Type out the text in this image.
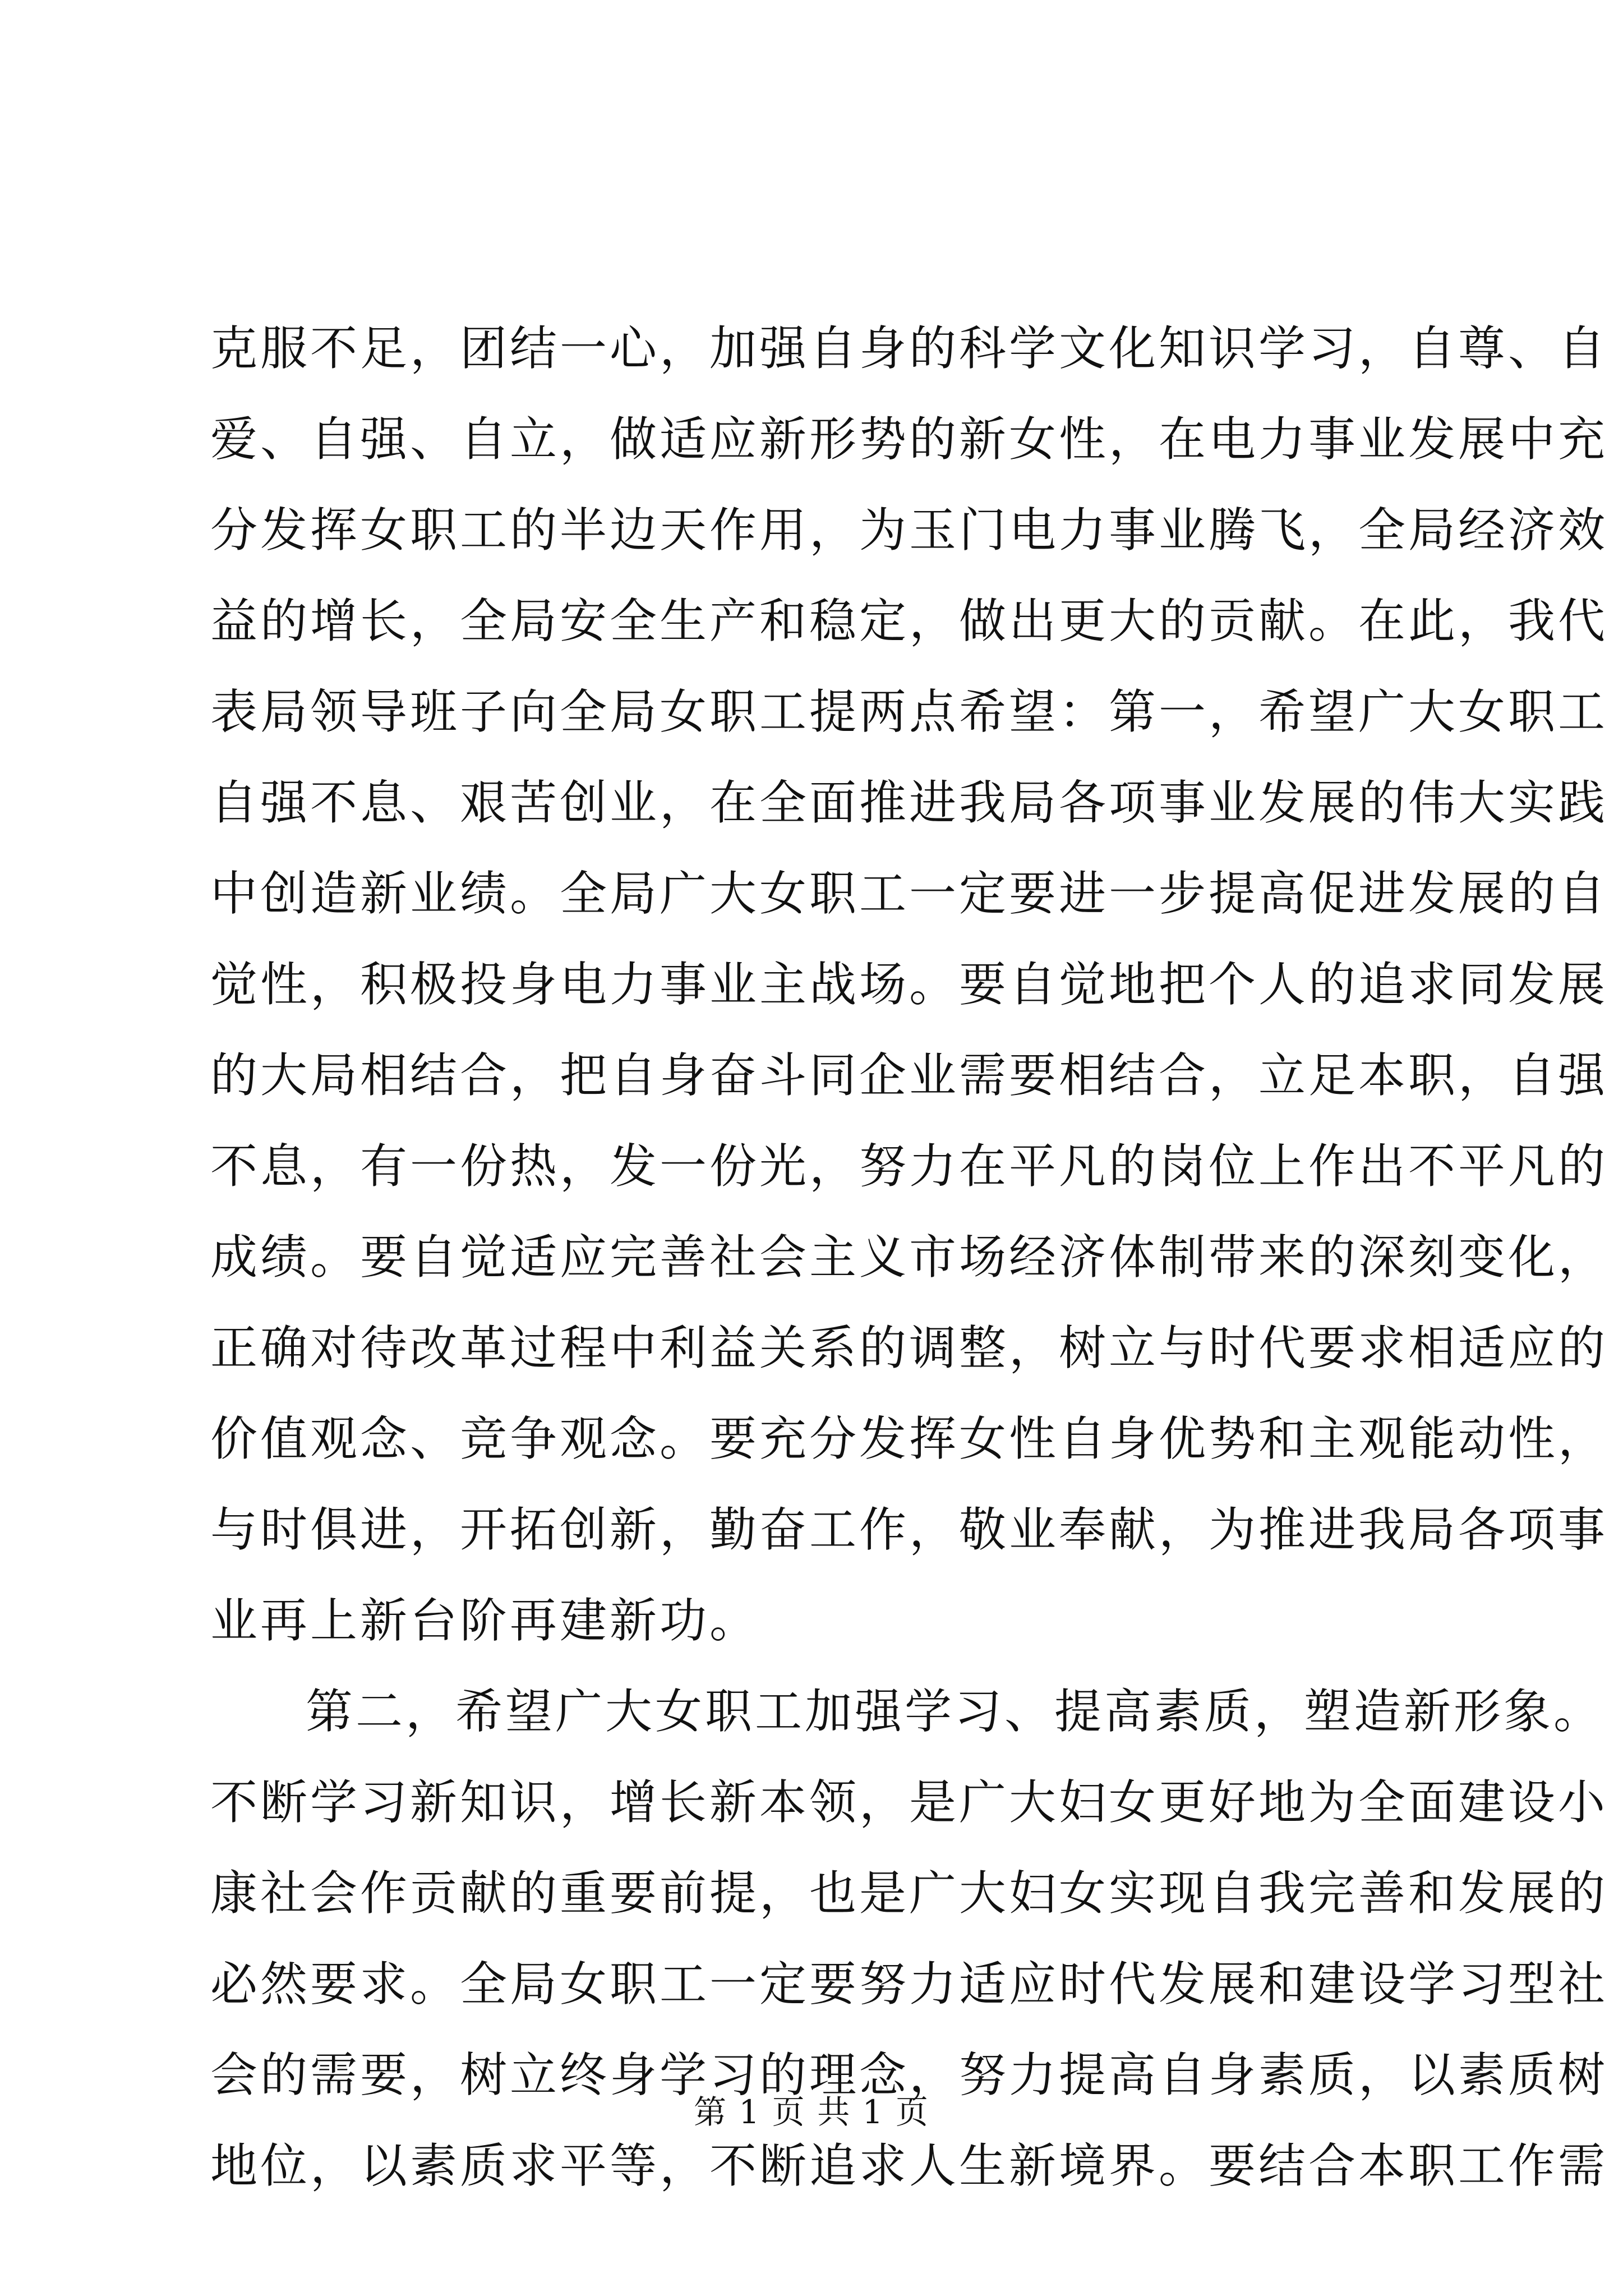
克服不足，团结一心，加强自身的科学文化知识学习，自尊、自
爱、自强、自立，做适应新形势的新女性，在电力事业发展中充
分发挥女职工的半边天作用，为玉门电力事业腾飞，全局经济效
益的增长，全局安全生产和稳定，做出更大的贡献。在此，我代
表局领导班子向全局女职工提两点希望：第一，希望广大女职工
自强不息、艰苦创业，在全面推进我局各项事业发展的伟大实践
中创造新业绩。全局广大女职工一定要进一步提高促进发展的自
觉性，积极投身电力事业主战场。要自觉地把个人的追求同发展
的大局相结合，把自身奋斗同企业需要相结合，立足本职，自强
不息，有一份热，发一份光，努力在平凡的岗位上作出不平凡的
成绩。要自觉适应完善社会主义市场经济体制带来的深刻变化，
正确对待改革过程中利益关系的调整，树立与时代要求相适应的
价值观念、竞争观念。要充分发挥女性自身优势和主观能动性，
与时俱进，开拓创新，勤奋工作，敬业奉献，为推进我局各项事
业再上新台阶再建新功。

第二，希望广大女职工加强学习、提高素质，塑造新形象。
不断学习新知识，增长新本领，是广大妇女更好地为全面建设小
康社会作贡献的重要前提，也是广大妇女实现自我完善和发展的
必然要求。全局女职工一定要努力适应时代发展和建设学习型社
会的需要，树立终身学习的理念，努力提高自身素质，以素质树
地位，以素质求平等，不断追求人生新境界。要结合本职工作需

第 1 页 共 1 页
